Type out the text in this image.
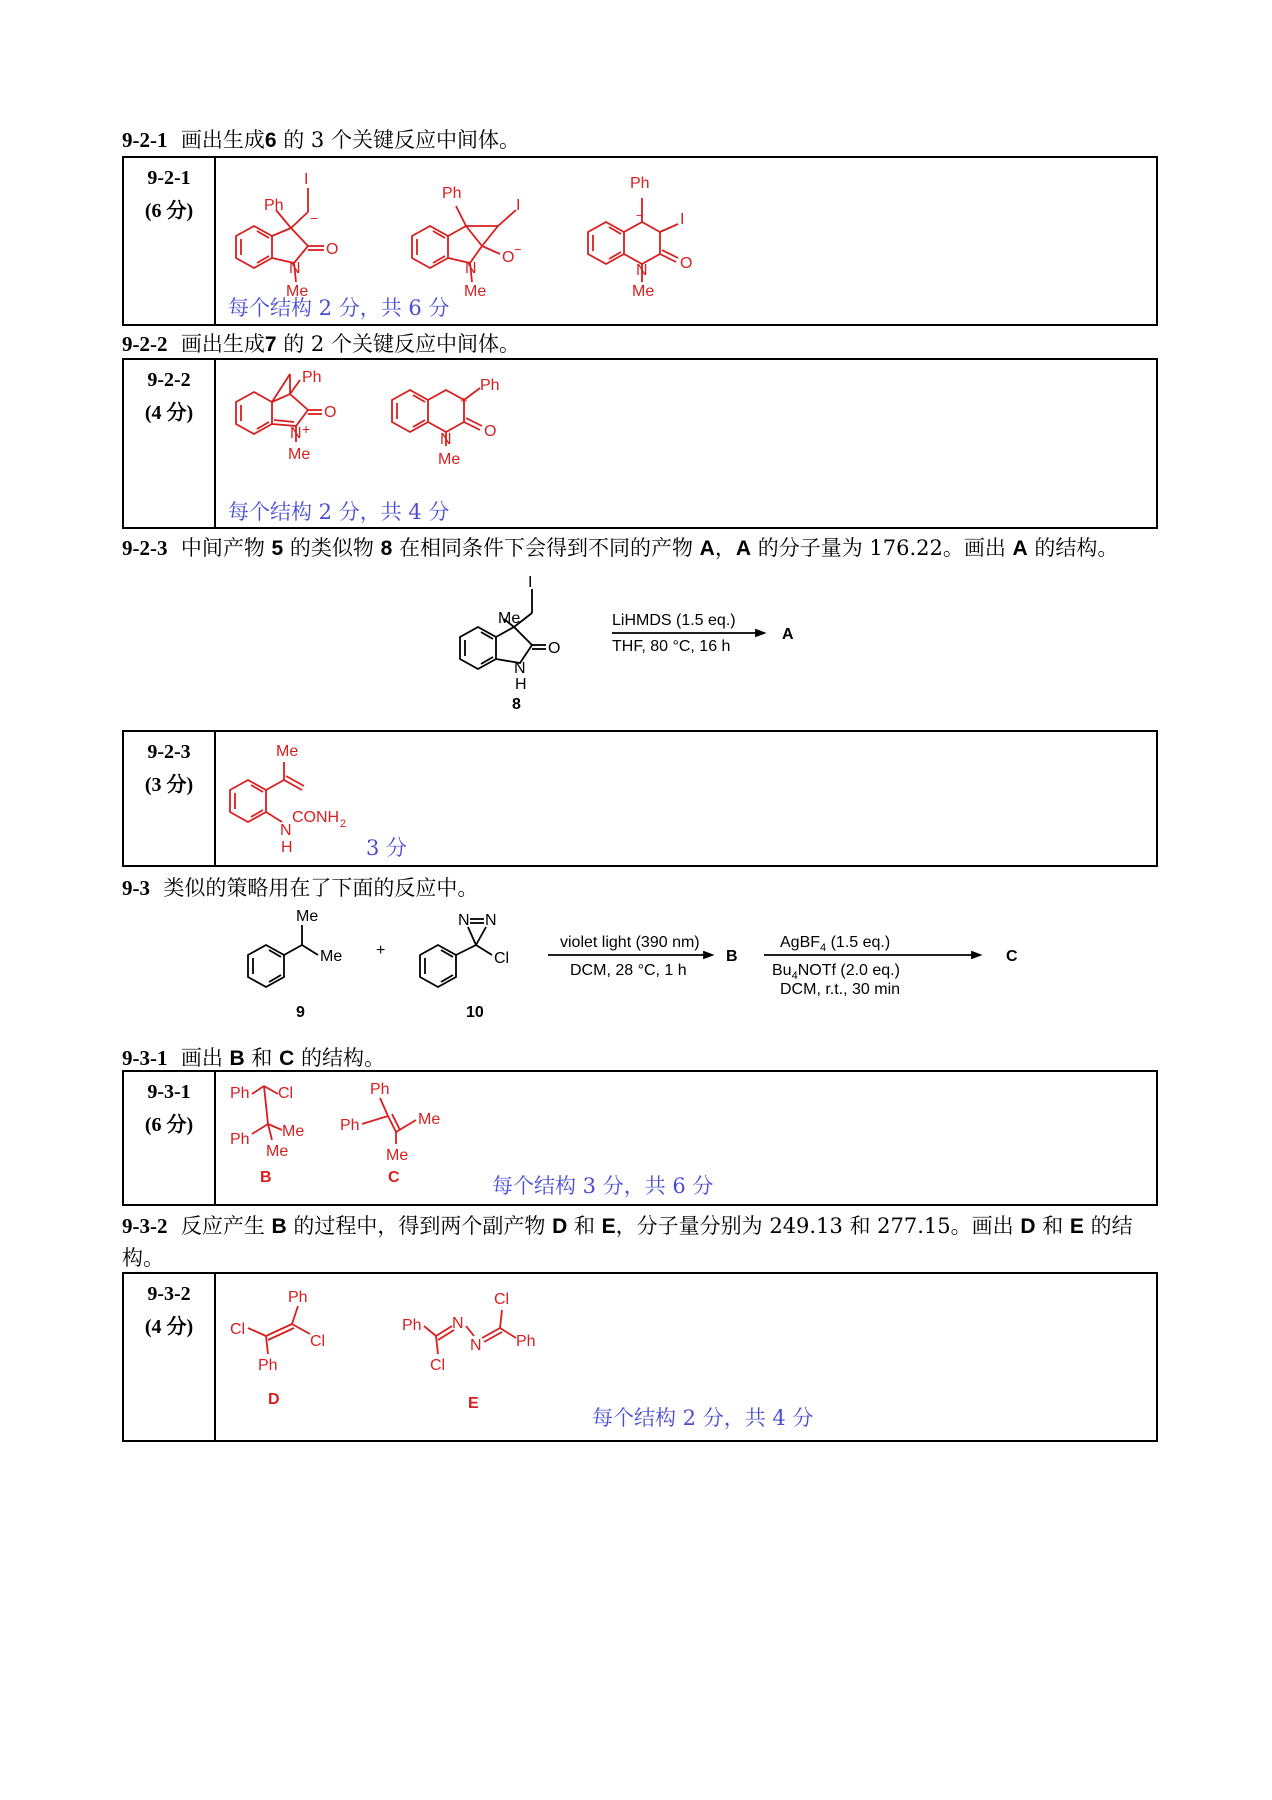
9-2-1 画出生成6 的 3 个关键反应中间体。
9-2-1
(6 分)	Ph
I
−
O
N
Me
Ph
I
O −
N
Me
Ph
I
−
O
N
Me
每个结构 2 分，共 6 分
9-2-2 画出生成7 的 2 个关键反应中间体。
9-2-2
(4 分)
Ph
O
N +
Me
Ph
+
O
N
Me
每个结构 2 分，共 4 分
9-2-3 中间产物 5 的类似物 8 在相同条件下会得到不同的产物 A，A 的分子量为 176.22。画出 A 的结构。
I
Me
O
N
H
8
LiHMDS (1.5 eq.)
THF, 80 °C, 16 h
A
9-2-3
(3 分)
Me
N
H
CONH 2
3 分
9-3 类似的策略用在了下面的反应中。
Me
Me
9
+
N N
Cl
10
violet light (390 nm)
DCM, 28 °C, 1 h
B
AgBF$_4$ (1.5 eq.)
$Bu_4NOTf$ (2.0 eq.)
DCM, r.t., 30 min
C
9-3-1 画出 B 和 C 的结构。
9-3-1
(6 分)
Ph Cl
Ph Me
Me
B
Ph
Ph	Me
Me
C	每个结构 3 分，共 6 分
9-3-2 反应产生 B 的过程中，得到两个副产物 D 和 E，分子量分别为 249.13 和 277.15。画出 D 和 E 的结
构。
9-3-2
(4 分)
Ph
Cl
Cl
Ph
D
Ph N
N
Cl
Ph
Cl
E
每个结构 2 分，共 4 分
